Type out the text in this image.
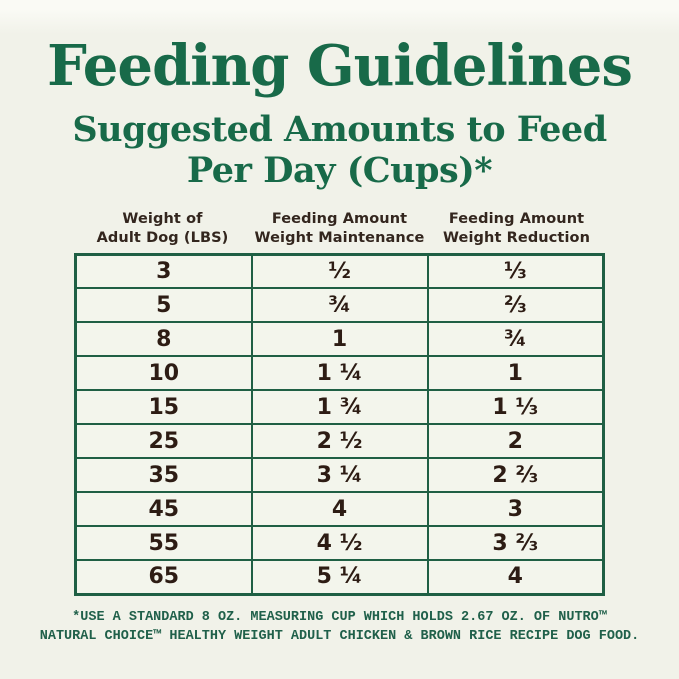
Feeding Guidelines
Suggested Amounts to Feed
Per Day (Cups)*
Weight of
Adult Dog (LBS)
Feeding Amount
Weight Maintenance
Feeding Amount
Weight Reduction
3	½	⅓
5	¾	⅔
8	1	¾
10	1 ¼	1
15	1 ¾	1 ⅓
25	2 ½	2
35	3 ¼	2 ⅔
45	4	3
55	4 ½	3 ⅔
65	5 ¼	4
*USE A STANDARD 8 OZ. MEASURING CUP WHICH HOLDS 2.67 OZ. OF NUTRO™
NATURAL CHOICE™ HEALTHY WEIGHT ADULT CHICKEN & BROWN RICE RECIPE DOG FOOD.
